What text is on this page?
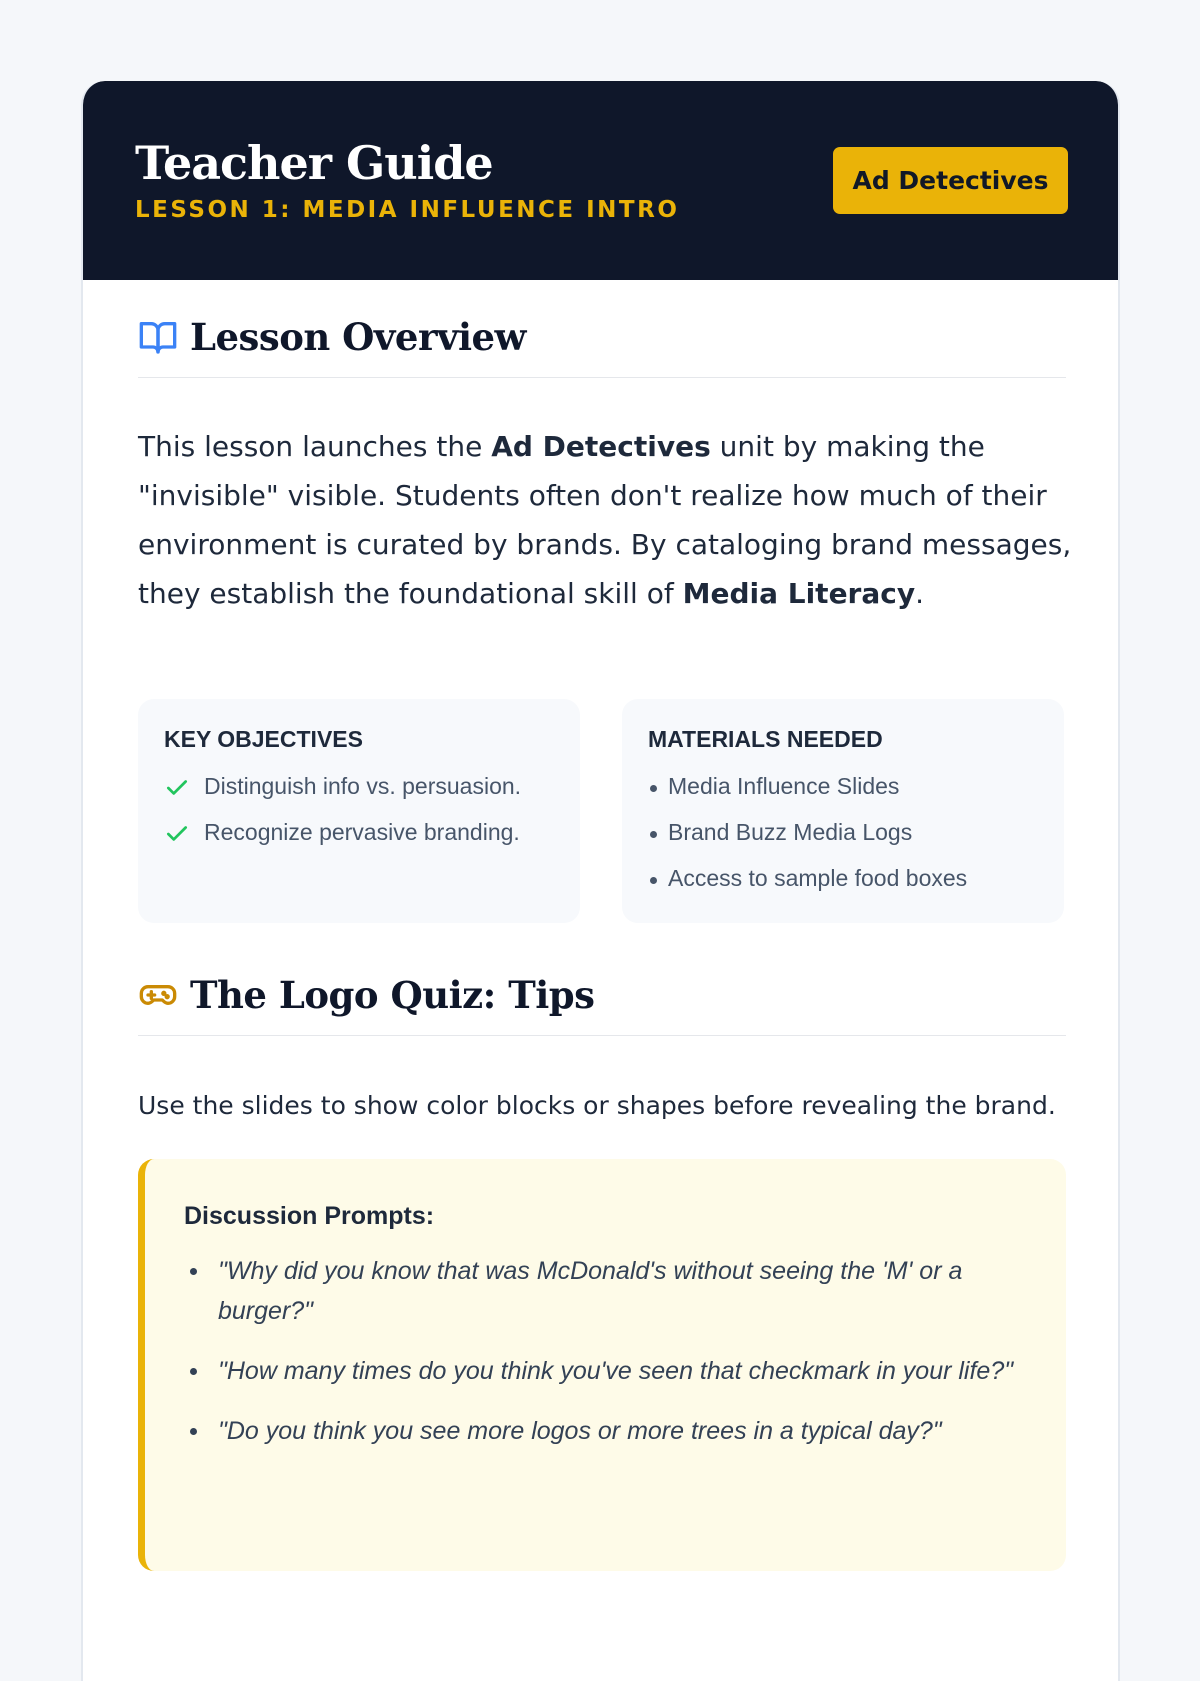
Teacher Guide
LESSON 1: MEDIA INFLUENCE INTRO
Ad Detectives
Lesson Overview

This lesson launches the Ad Detectives unit by making the "invisible" visible. Students often don't realize how much of their environment is curated by brands. By cataloging brand messages, they establish the foundational skill of Media Literacy.

KEY OBJECTIVES
Distinguish info vs. persuasion.
Recognize pervasive branding.
MATERIALS NEEDED
Media Influence Slides
Brand Buzz Media Logs
Access to sample food boxes
The Logo Quiz: Tips

Use the slides to show color blocks or shapes before revealing the brand.

Discussion Prompts:
"Why did you know that was McDonald's without seeing the 'M' or a burger?"
"How many times do you think you've seen that checkmark in your life?"
"Do you think you see more logos or more trees in a typical day?"
